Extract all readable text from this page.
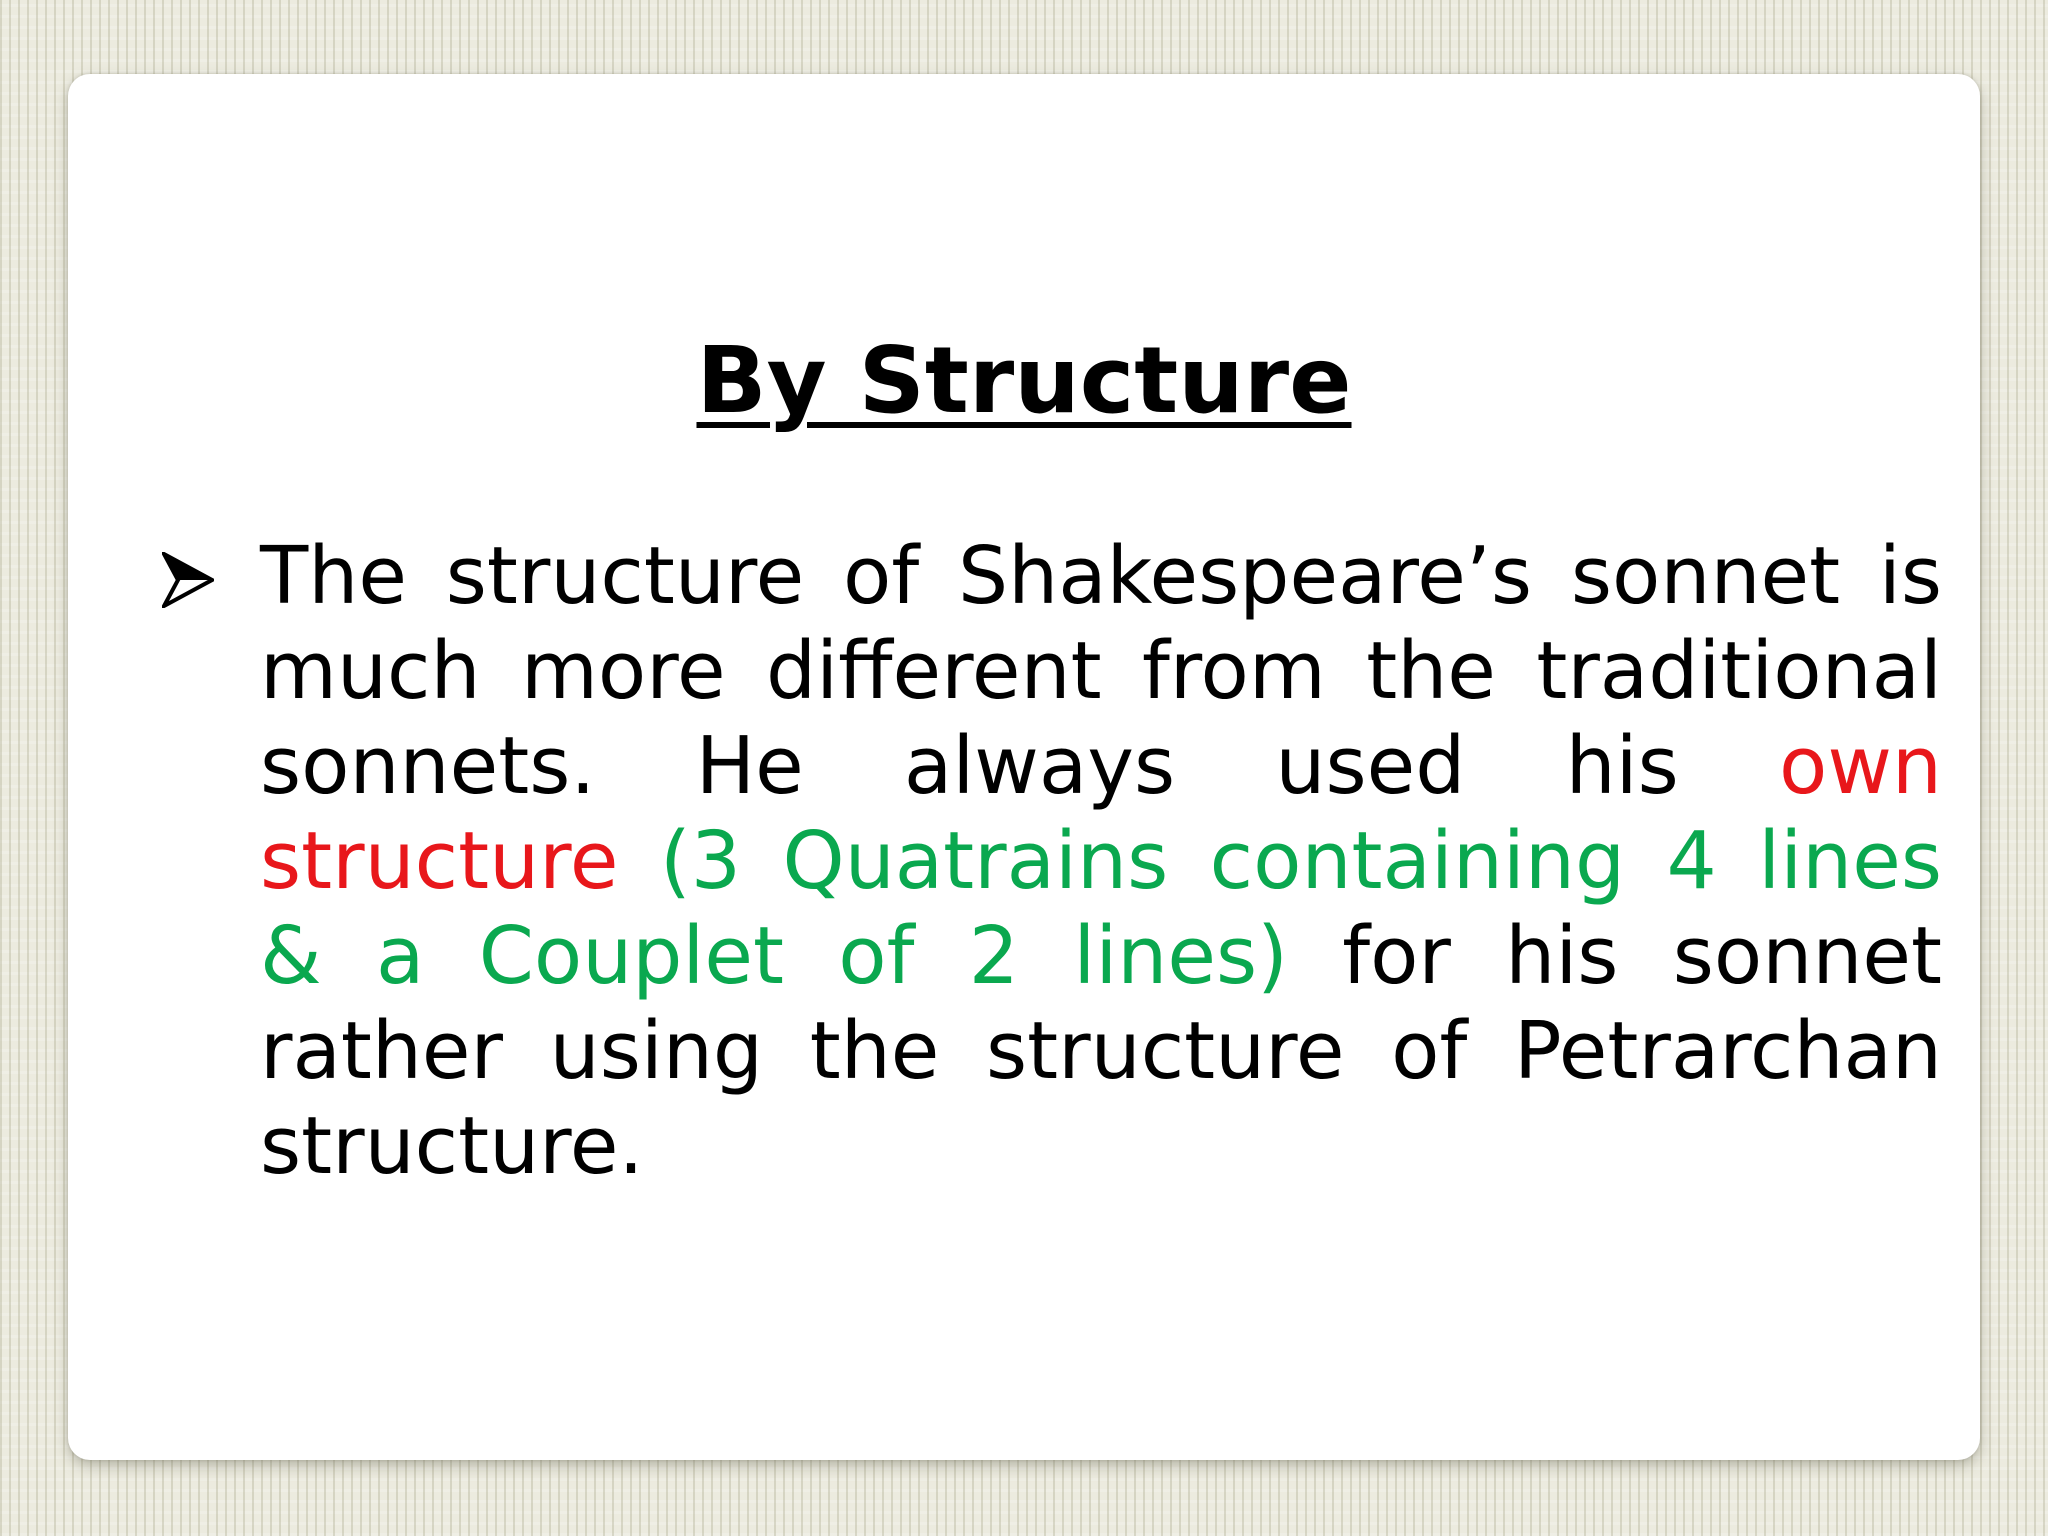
By Structure

The structure of Shakespeare’s sonnet is much more different from the traditional sonnets. He always used his own structure (3 Quatrains containing 4 lines & a Couplet of 2 lines) for his sonnet rather using the structure of Petrarchan structure.
